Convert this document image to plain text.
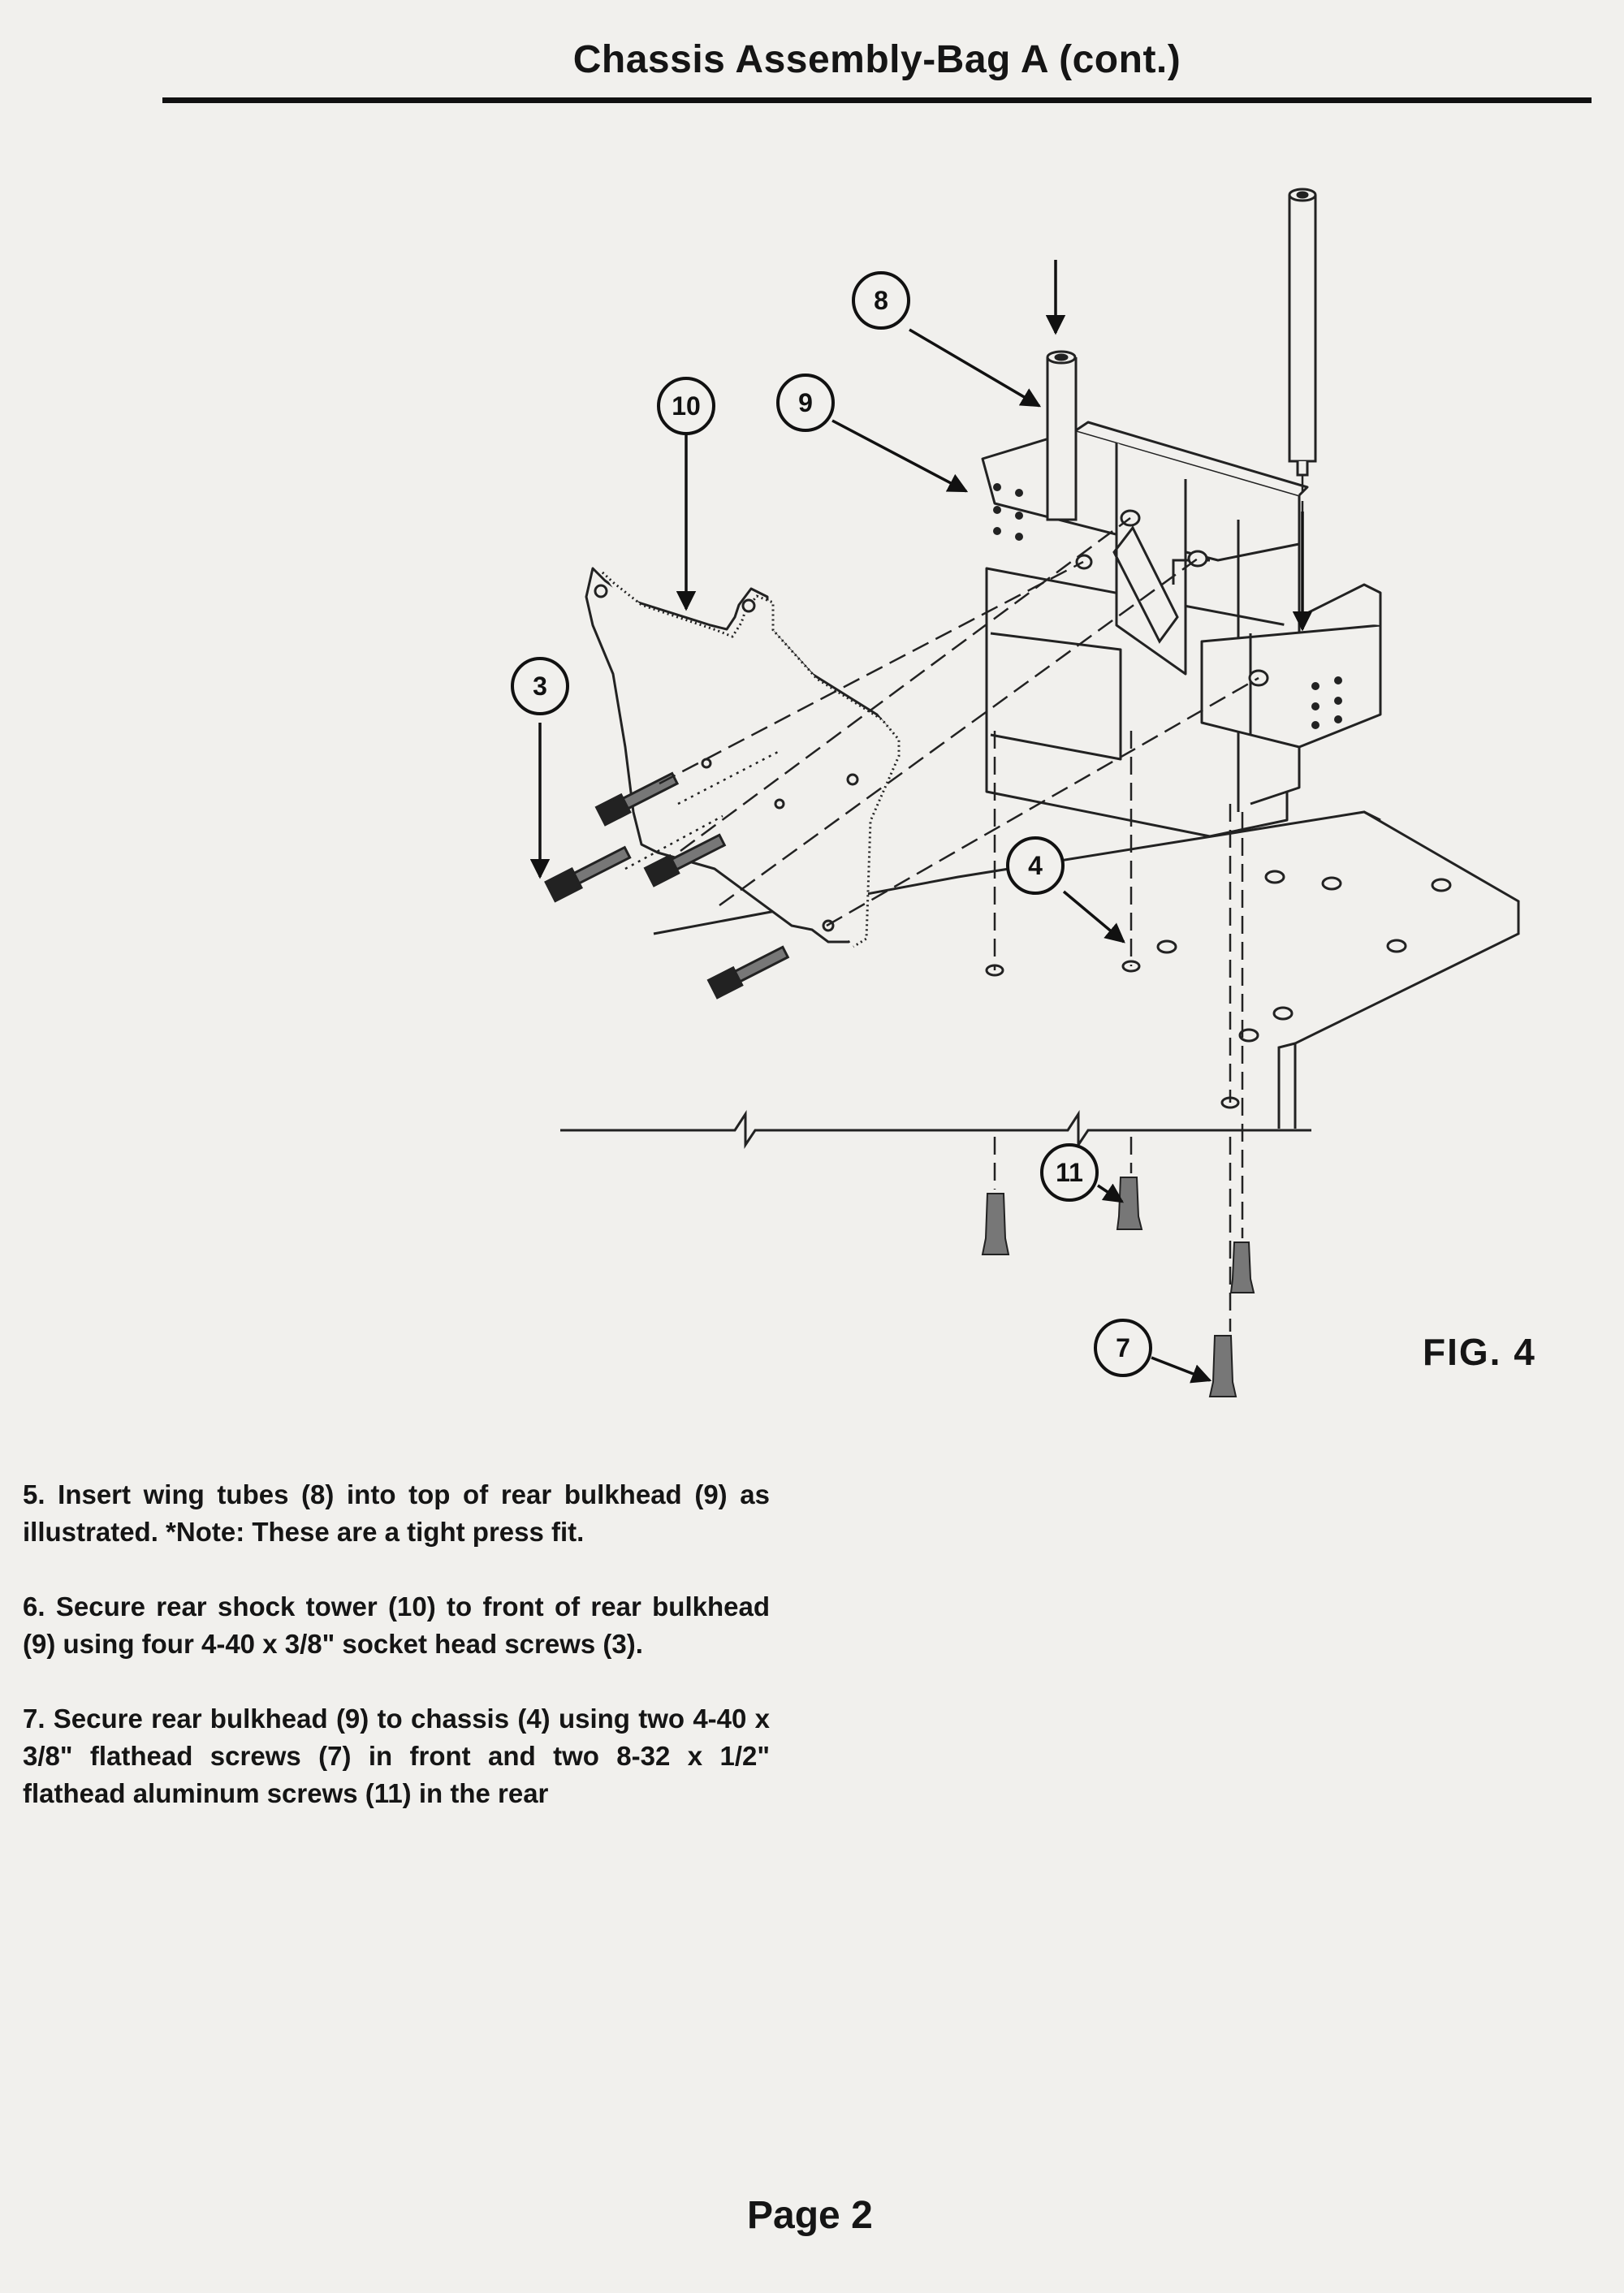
Chassis Assembly-Bag A (cont.)
8
10	9
3
4
11
7	FIG. 4

5. Insert wing tubes (8) into top of rear bulkhead (9) as illustrated. *Note: These are a tight press fit.

6. Secure rear shock tower (10) to front of rear bulkhead (9) using four 4-40 x 3/8" socket head screws (3).

7. Secure rear bulkhead (9) to chassis (4) using two 4-40 x 3/8" flathead screws (7) in front and two 8-32 x 1/2" flathead aluminum screws (11) in the rear

Page 2
